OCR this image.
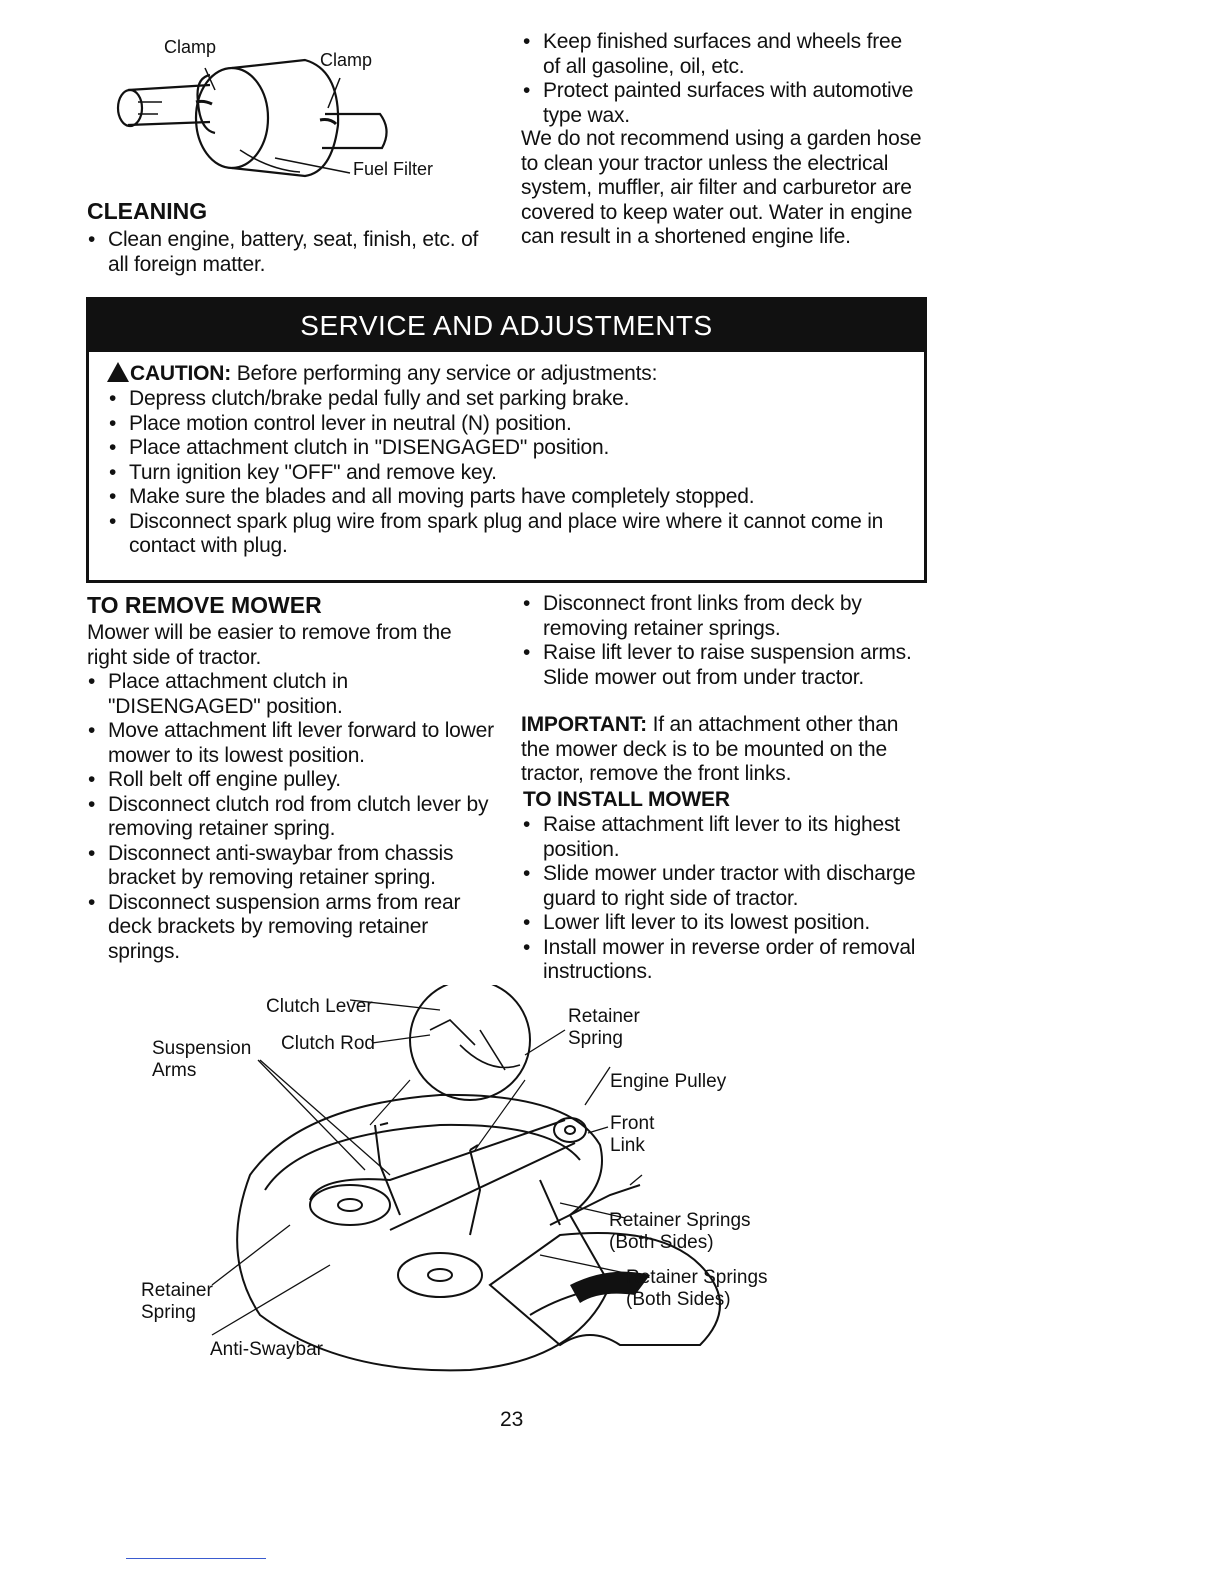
Clamp
Clamp
Fuel Filter
CLEANING
• Clean engine, battery, seat, finish, etc. of all foreign matter.
• Keep finished surfaces and wheels free of all gasoline, oil, etc.
• Protect painted surfaces with automotive type wax.

We do not recommend using a garden hose to clean your tractor unless the electrical system, muffler, air filter and carburetor are covered to keep water out. Water in engine can result in a shortened engine life.

SERVICE AND ADJUSTMENTS
CAUTION: Before performing any service or adjustments:
• Depress clutch/brake pedal fully and set parking brake.
• Place motion control lever in neutral (N) position.
• Place attachment clutch in "DISENGAGED" position.
• Turn ignition key "OFF" and remove key.
• Make sure the blades and all moving parts have completely stopped.
• Disconnect spark plug wire from spark plug and place wire where it cannot come in contact with plug.
TO REMOVE MOWER

Mower will be easier to remove from the right side of tractor.

• Place attachment clutch in "DISENGAGED" position.
• Move attachment lift lever forward to lower mower to its lowest position.
• Roll belt off engine pulley.
• Disconnect clutch rod from clutch lever by removing retainer spring.
• Disconnect anti-swaybar from chassis bracket by removing retainer spring.
• Disconnect suspension arms from rear deck brackets by removing retainer springs.
• Disconnect front links from deck by removing retainer springs.
• Raise lift lever to raise suspension arms. Slide mower out from under tractor.

IMPORTANT: If an attachment other than the mower deck is to be mounted on the tractor, remove the front links.

TO INSTALL MOWER
• Raise attachment lift lever to its highest position.
• Slide mower under tractor with discharge guard to right side of tractor.
• Lower lift lever to its lowest position.
• Install mower in reverse order of removal instructions.
Clutch Lever
Clutch Rod
Suspension Arms
Retainer Spring
Engine Pulley
Front Link
Retainer Springs (Both Sides)
Retainer Springs (Both Sides)
Retainer Spring
Anti-Swaybar
23
